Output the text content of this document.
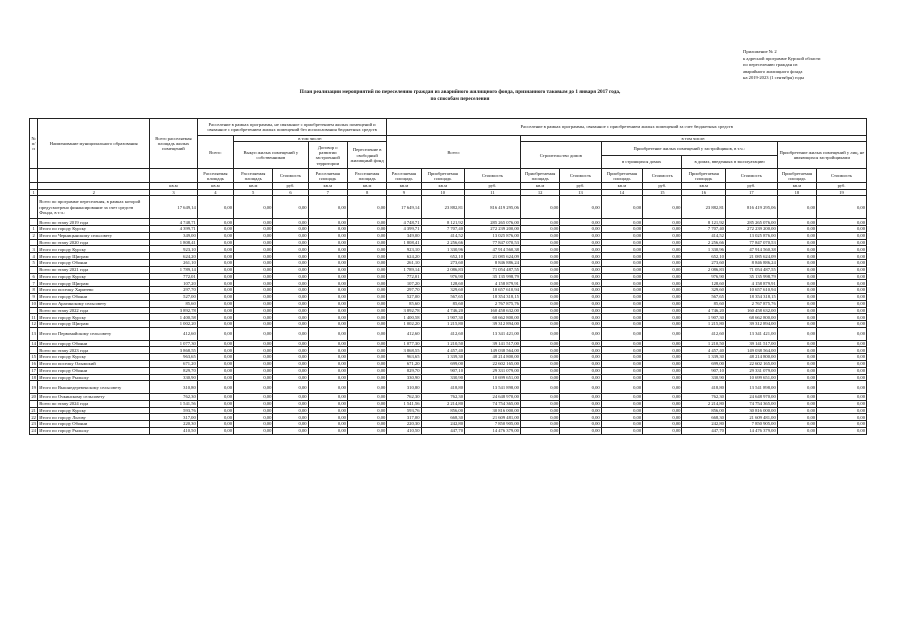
Приложение № 2
к адресной программе Курской области
по переселению граждан из
аварийного жилищного фонда
на 2019-2023 (1 сентября) годы
План реализации мероприятий по переселению граждан из аварийного жилищного фонда, признанного таковым до 1 января 2017 года,
по способам переселения
№ п/п	Наименование муниципального образования	Всего расселяемая площадь жилых помещений	Расселение в рамках программы, не связанное с приобретением жилых помещений и связанное с приобретением жилых помещений без использования бюджетных средств					Расселение в рамках программы, связанное с приобретением жилых помещений за счет бюджетных средств										
			Всего:	в том числе:				Всего:			в том числе:							
				Выкуп жилых помещений у собственников		Договор о развитии застроенной территории	Переселение в свободный жилищный фонд				Строительство домов		Приобретение жилых помещений у застройщиков, в т.ч.:				Приобретение жилых помещений у лиц, не являющихся застройщиками	
													в строящихся домах		в домах, введенных в эксплуатацию			
			Расселяемая площадь	Расселяемая площадь	Стоимость	Расселяемая площадь	Расселяемая площадь	Расселяемая площадь	Приобретаемая площадь	Стоимость	Приобретаемая площадь	Стоимость	Приобретаемая площадь	Стоимость	Приобретаемая площадь	Стоимость	Приобретаемая площадь	Стоимость
		кв.м	кв.м	кв.м	руб.	кв.м	кв.м	кв.м	кв.м	руб.	кв.м	руб.	кв.м	руб.	кв.м	руб.	кв.м	руб.
1	2	3	4	5	6	7	8	9	10	11	12	13	14	15	16	17	18	19
	Всего по программе переселения, в рамках которой предусмотрено финансирование за счет средств Фонда, в т.ч.:	17 649,14	0,00	0,00	0,00	0,00	0,00	17 649,14	23 882,81	816 419 295,06	0,00	0,00	0,00	0,00	23 882,81	816 419 295,06	0,00	0,00
	Всего по этапу 2019 года	4 748,71	0,00	0,00	0,00	0,00	0,00	4 748,71	8 121,92	285 265 076,00	0,00	0,00	0,00	0,00	8 121,92	285 265 076,00	0,00	0,00
1	Итого по городу Курску	4 399,71	0,00	0,00	0,00	0,00	0,00	4 399,71	7 707,40	272 239 200,00	0,00	0,00	0,00	0,00	7 707,40	272 239 200,00	0,00	0,00
2	Итого по Черницынскому сельсовету	349,00	0,00	0,00	0,00	0,00	0,00	349,00	414,52	13 025 876,00	0,00	0,00	0,00	0,00	414,52	13 025 876,00	0,00	0,00
	Всего по этапу 2020 года	1 808,41	0,00	0,00	0,00	0,00	0,00	1 808,41	2 256,66	77 847 070,53	0,00	0,00	0,00	0,00	2 256,66	77 847 070,53	0,00	0,00
3	Итого по городу Курску	923,10	0,00	0,00	0,00	0,00	0,00	923,10	1 330,96	47 914 560,38	0,00	0,00	0,00	0,00	1 330,96	47 914 560,38	0,00	0,00
4	Итого по городу Щиграм	624,20	0,00	0,00	0,00	0,00	0,00	624,20	652,10	21 085 624,09	0,00	0,00	0,00	0,00	652,10	21 085 624,09	0,00	0,00
5	Итого по городу Обояни	261,10	0,00	0,00	0,00	0,00	0,00	261,10	273,60	8 846 886,24	0,00	0,00	0,00	0,00	273,60	8 846 886,24	0,00	0,00
	Всего по этапу 2021 года	1 789,14	0,00	0,00	0,00	0,00	0,00	1 789,14	2 086,83	71 054 487,55	0,00	0,00	0,00	0,00	2 086,83	71 054 487,55	0,00	0,00
6	Итого по городу Курску	772,01	0,00	0,00	0,00	0,00	0,00	772,01	976,90	35 135 998,79	0,00	0,00	0,00	0,00	976,90	35 135 998,79	0,00	0,00
7	Итого по городу Щиграм	107,20	0,00	0,00	0,00	0,00	0,00	107,20	128,60	4 158 879,91	0,00	0,00	0,00	0,00	128,60	4 158 879,91	0,00	0,00
8	Итого по поселку Харитево	297,70	0,00	0,00	0,00	0,00	0,00	297,70	329,60	10 657 610,94	0,00	0,00	0,00	0,00	329,60	10 657 610,94	0,00	0,00
9	Итого по городу Обояни	527,00	0,00	0,00	0,00	0,00	0,00	527,00	567,65	18 354 318,15	0,00	0,00	0,00	0,00	567,65	18 354 318,15	0,00	0,00
10	Итого по Арагинскому сельсовету	85,60	0,00	0,00	0,00	0,00	0,00	85,60	85,60	2 767 875,76	0,00	0,00	0,00	0,00	85,60	2 767 875,76	0,00	0,00
	Всего по этапу 2022 года	3 892,78	0,00	0,00	0,00	0,00	0,00	3 892,78	4 746,20	160 458 632,00	0,00	0,00	0,00	0,00	4 746,20	160 458 632,00	0,00	0,00
11	Итого по городу Курску	1 400,58	0,00	0,00	0,00	0,00	0,00	1 400,58	1 907,30	68 662 800,00	0,00	0,00	0,00	0,00	1 907,30	68 662 800,00	0,00	0,00
12	Итого по городу Щиграм	1 002,20	0,00	0,00	0,00	0,00	0,00	1 002,20	1 215,80	39 312 894,00	0,00	0,00	0,00	0,00	1 215,80	39 312 894,00	0,00	0,00
13	Итого по Первомайскому сельсовету	412,60	0,00	0,00	0,00	0,00	0,00	412,60	412,60	13 341 421,00	0,00	0,00	0,00	0,00	412,60	13 341 421,00	0,00	0,00
14	Итого по городу Обояни	1 077,30	0,00	0,00	0,00	0,00	0,00	1 077,30	1 210,50	39 141 517,00	0,00	0,00	0,00	0,00	1 210,50	39 141 517,00	0,00	0,00
	Всего по этапу 2023 года	3 868,55	0,00	0,00	0,00	0,00	0,00	3 868,55	4 457,40	149 038 564,00	0,00	0,00	0,00	0,00	4 457,40	149 038 564,00	0,00	0,00
15	Итого по городу Курску	963,65	0,00	0,00	0,00	0,00	0,00	963,65	1 339,30	48 214 800,00	0,00	0,00	0,00	0,00	1 339,30	48 214 800,00	0,00	0,00
16	Итого по поселку Олымский	671,20	0,00	0,00	0,00	0,00	0,00	671,20	699,00	22 602 165,00	0,00	0,00	0,00	0,00	699,00	22 602 165,00	0,00	0,00
17	Итого по городу Обояни	829,70	0,00	0,00	0,00	0,00	0,00	829,70	907,10	29 331 079,00	0,00	0,00	0,00	0,00	907,10	29 331 079,00	0,00	0,00
18	Итого по городу Рыльску	330,90	0,00	0,00	0,00	0,00	0,00	330,90	330,90	10 699 651,00	0,00	0,00	0,00	0,00	330,90	10 699 651,00	0,00	0,00
19	Итого по Вышнедеревенскому сельсовету	310,80	0,00	0,00	0,00	0,00	0,00	310,80	418,80	13 541 898,00	0,00	0,00	0,00	0,00	418,80	13 541 898,00	0,00	0,00
20	Итого по Очкинскому сельсовету	762,30	0,00	0,00	0,00	0,00	0,00	762,30	762,30	24 648 970,00	0,00	0,00	0,00	0,00	762,30	24 648 970,00	0,00	0,00
	Всего по этапу 2024 года	1 541,56	0,00	0,00	0,00	0,00	0,00	1 541,56	2 214,80	74 754 365,00	0,00	0,00	0,00	0,00	2 214,80	74 754 365,00	0,00	0,00
21	Итого по городу Курску	593,76	0,00	0,00	0,00	0,00	0,00	593,76	856,00	30 816 000,00	0,00	0,00	0,00	0,00	856,00	30 816 000,00	0,00	0,00
22	Итого по городу Льгову	317,00	0,00	0,00	0,00	0,00	0,00	317,00	668,30	21 609 481,00	0,00	0,00	0,00	0,00	668,30	21 609 481,00	0,00	0,00
23	Итого по городу Обояни	220,30	0,00	0,00	0,00	0,00	0,00	220,30	242,80	7 850 905,00	0,00	0,00	0,00	0,00	242,80	7 850 905,00	0,00	0,00
24	Итого по городу Рыльску	410,50	0,00	0,00	0,00	0,00	0,00	410,50	447,70	14 476 379,00	0,00	0,00	0,00	0,00	447,70	14 476 379,00	0,00	0,00
